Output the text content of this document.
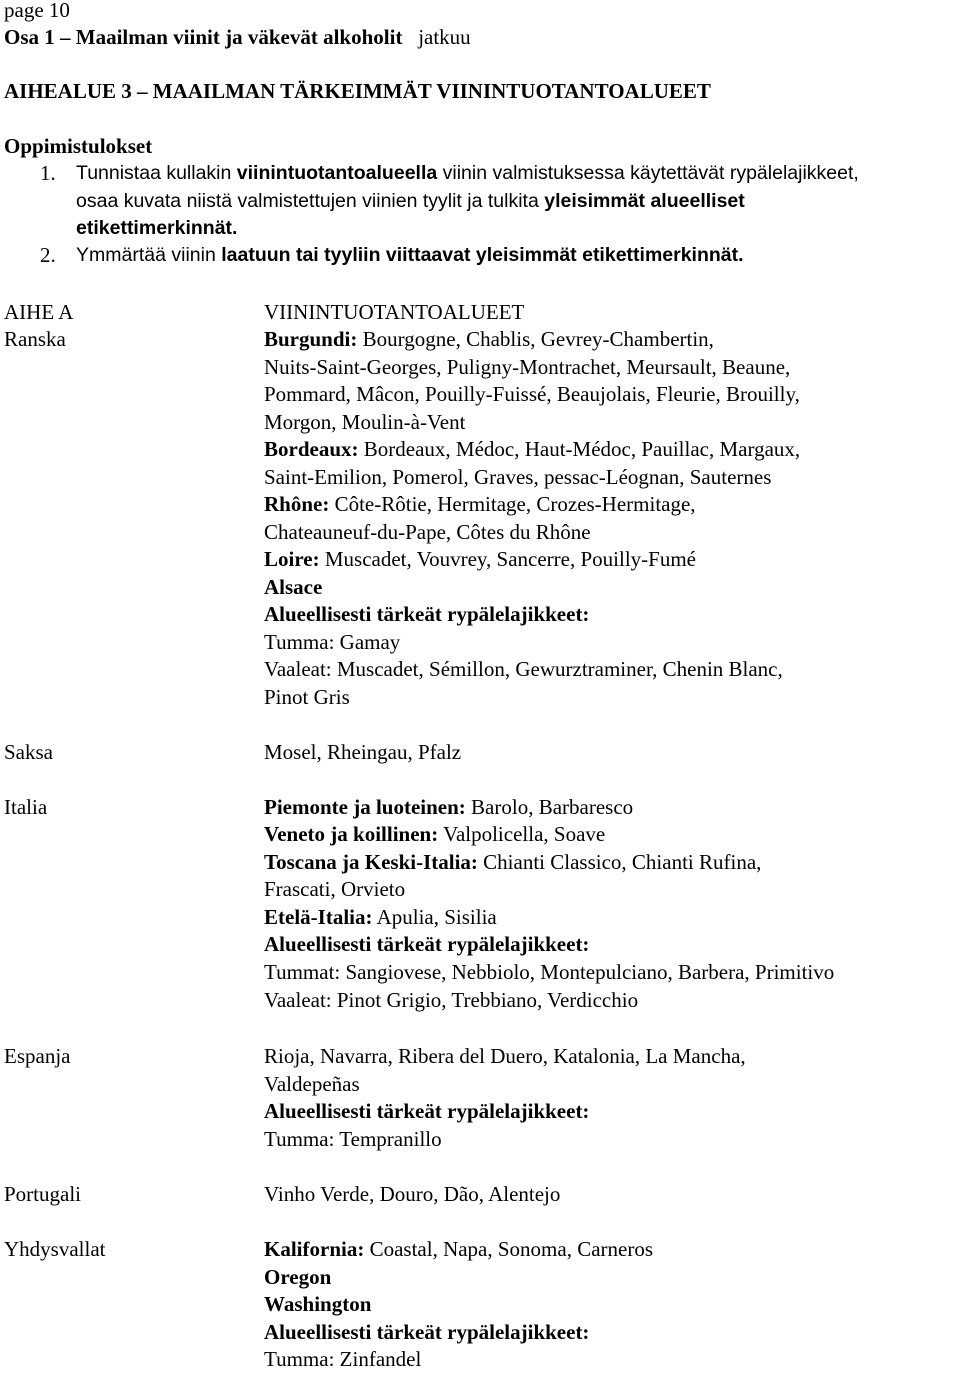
page 10
Osa 1 – Maailman viinit ja väkevät alkoholit jatkuu
AIHEALUE 3 – MAAILMAN TÄRKEIMMÄT VIININTUOTANTOALUEET
Oppimistulokset
1. Tunnistaa kullakin viinintuotantoalueella viinin valmistuksessa käytettävät rypälelajikkeet,
osaa kuvata niistä valmistettujen viinien tyylit ja tulkita yleisimmät alueelliset
etikettimerkinnät.
2. Ymmärtää viinin laatuun tai tyyliin viittaavat yleisimmät etikettimerkinnät.
AIHE A	VIININTUOTANTOALUEET
Ranska	Burgundi: Bourgogne, Chablis, Gevrey-Chambertin,
Nuits-Saint-Georges, Puligny-Montrachet, Meursault, Beaune,
Pommard, Mâcon, Pouilly-Fuissé, Beaujolais, Fleurie, Brouilly,
Morgon, Moulin-à-Vent
Bordeaux: Bordeaux, Médoc, Haut-Médoc, Pauillac, Margaux,
Saint-Emilion, Pomerol, Graves, pessac-Léognan, Sauternes
Rhône: Côte-Rôtie, Hermitage, Crozes-Hermitage,
Chateauneuf-du-Pape, Côtes du Rhône
Loire: Muscadet, Vouvrey, Sancerre, Pouilly-Fumé
Alsace
Alueellisesti tärkeät rypälelajikkeet:
Tumma: Gamay
Vaaleat: Muscadet, Sémillon, Gewurztraminer, Chenin Blanc,
Pinot Gris
Saksa	Mosel, Rheingau, Pfalz
Italia	Piemonte ja luoteinen: Barolo, Barbaresco
Veneto ja koillinen: Valpolicella, Soave
Toscana ja Keski-Italia: Chianti Classico, Chianti Rufina,
Frascati, Orvieto
Etelä-Italia: Apulia, Sisilia
Alueellisesti tärkeät rypälelajikkeet:
Tummat: Sangiovese, Nebbiolo, Montepulciano, Barbera, Primitivo
Vaaleat: Pinot Grigio, Trebbiano, Verdicchio
Espanja	Rioja, Navarra, Ribera del Duero, Katalonia, La Mancha,
Valdepeñas
Alueellisesti tärkeät rypälelajikkeet:
Tumma: Tempranillo
Portugali	Vinho Verde, Douro, Dão, Alentejo
Yhdysvallat	Kalifornia: Coastal, Napa, Sonoma, Carneros
Oregon
Washington
Alueellisesti tärkeät rypälelajikkeet:
Tumma: Zinfandel
